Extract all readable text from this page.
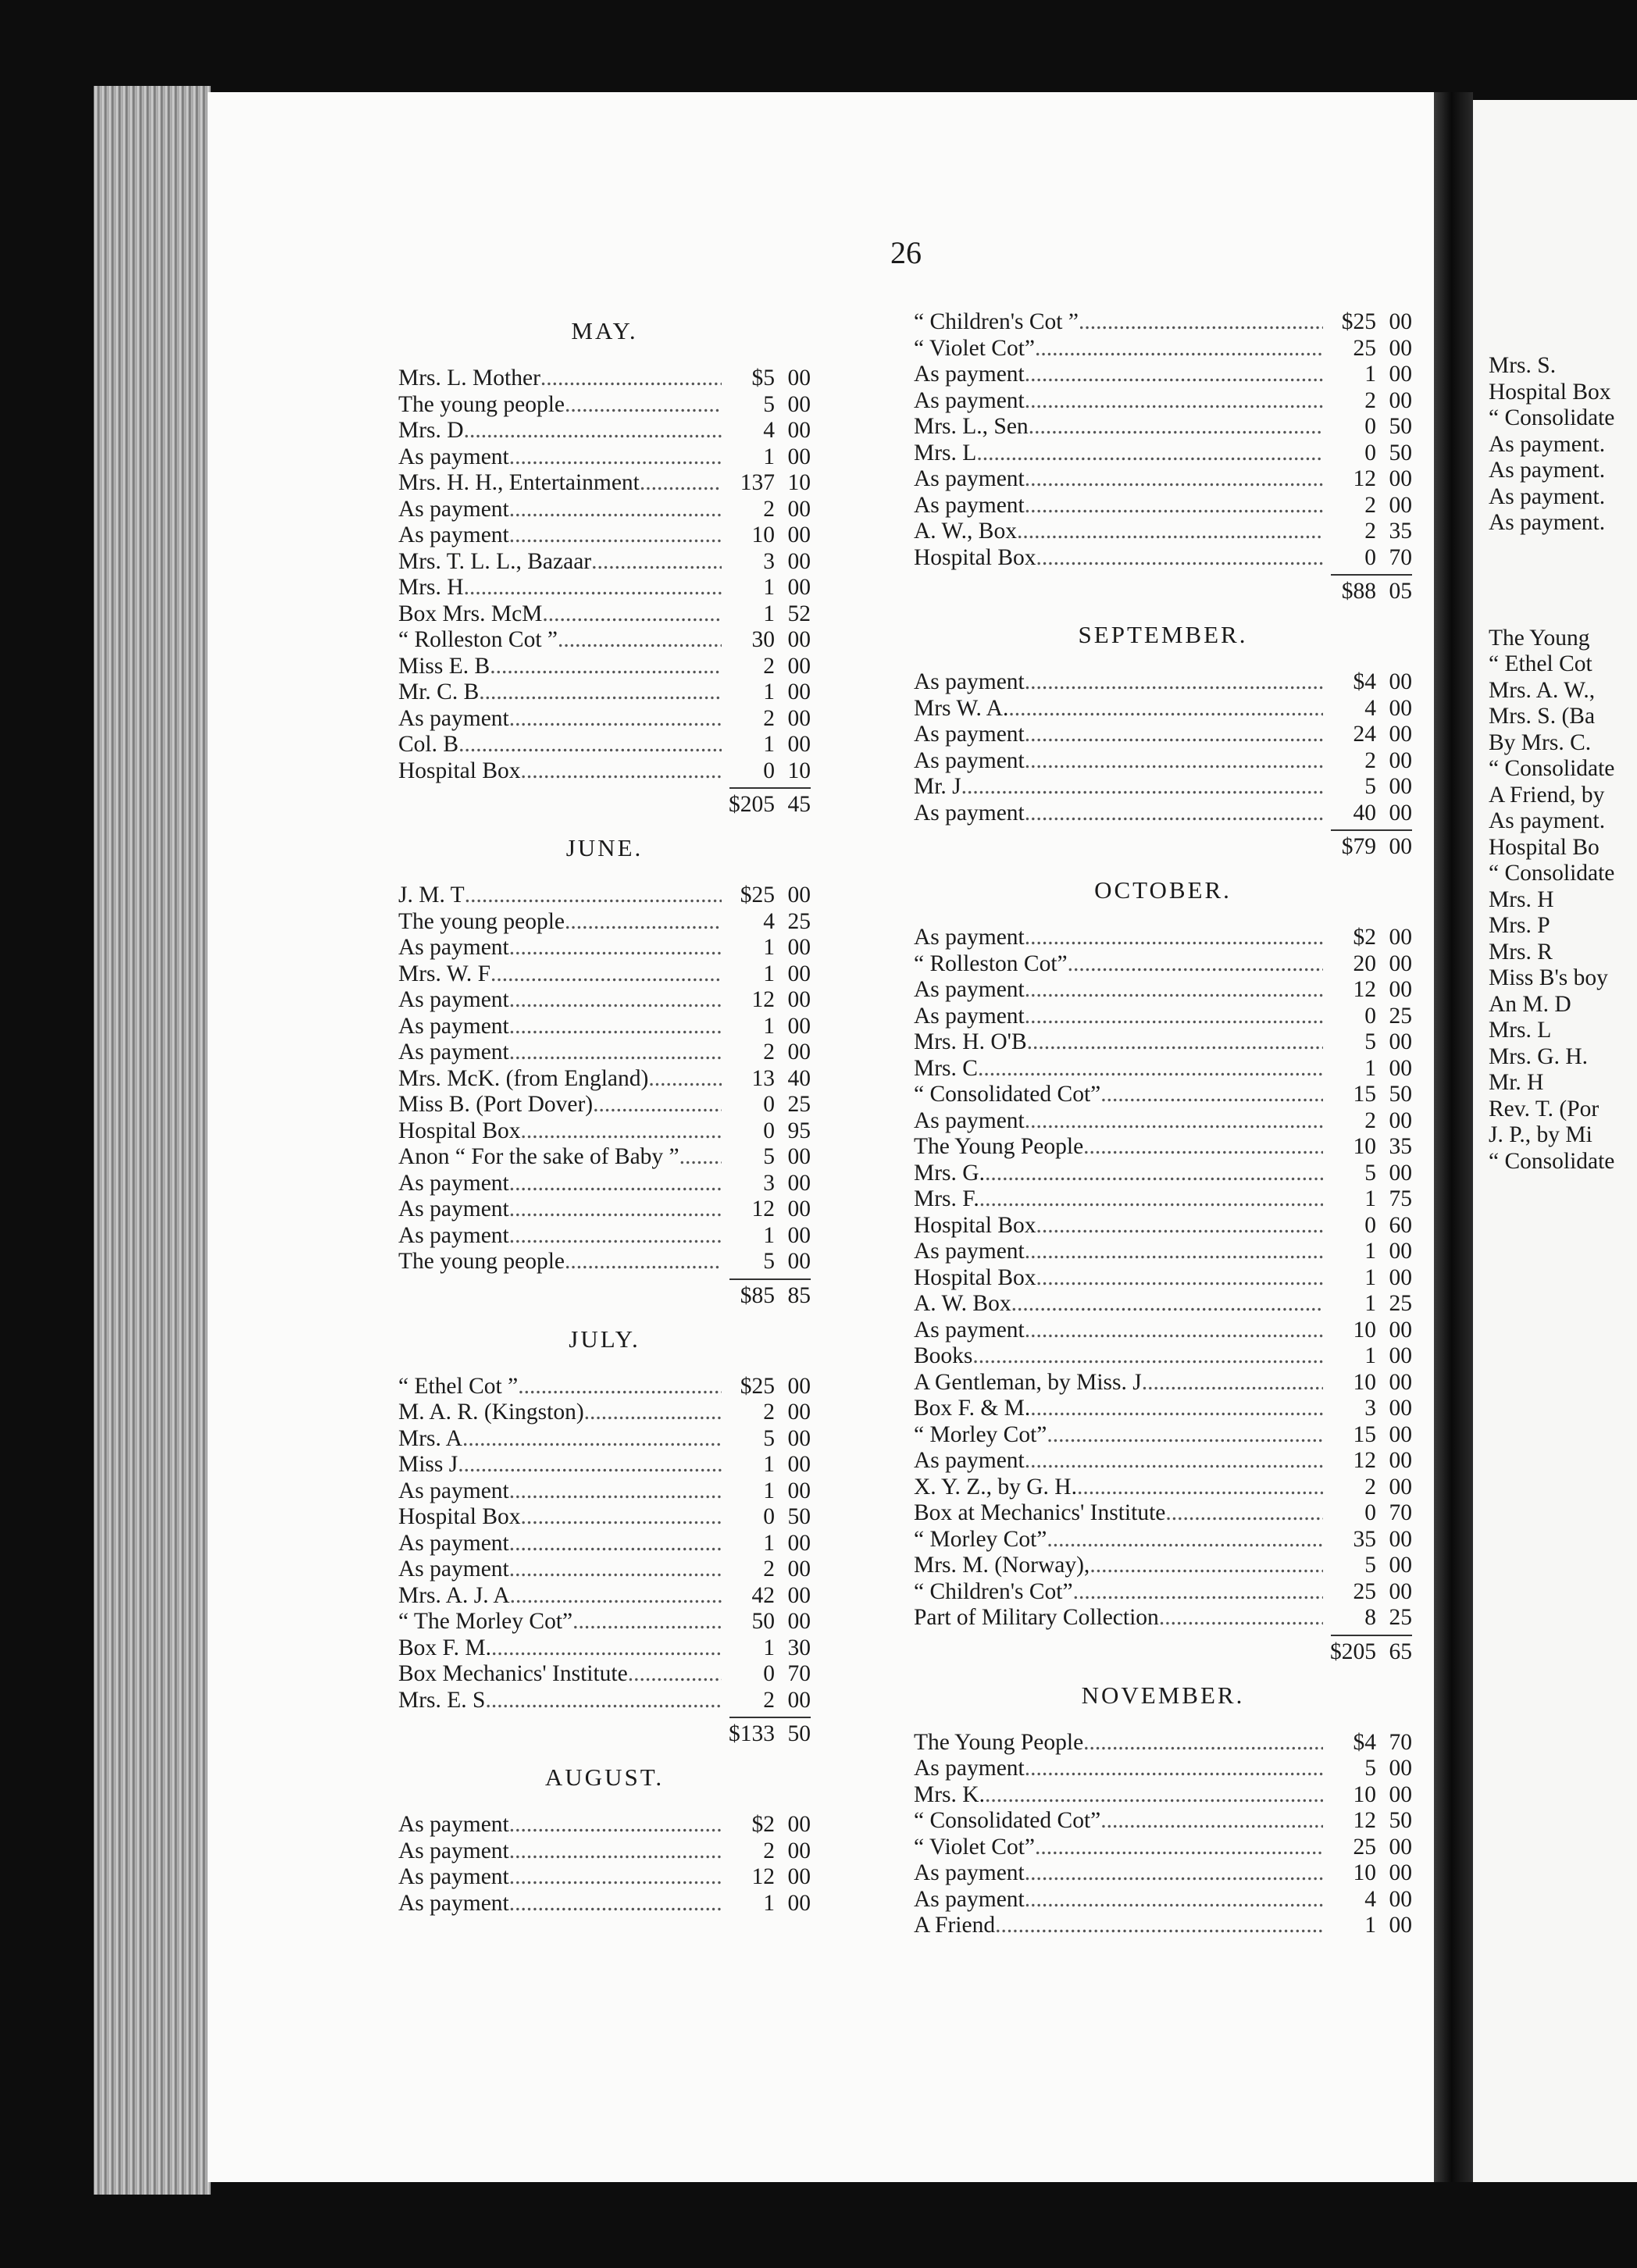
26
MAY.
Mrs. L. Mother .....	$5 00
The young people .....	5 00
Mrs. D .....	4 00
As payment .....	1 00
Mrs. H. H., Entertainment .....	137 10
As payment .....	2 00
As payment .....	10 00
Mrs. T. L. L., Bazaar .....	3 00
Mrs. H .....	1 00
Box Mrs. McM .....	1 52
“ Rolleston Cot ” .....	30 00
Miss E. B .....	2 00
Mr. C. B .....	1 00
As payment .....	2 00
Col. B .....	1 00
Hospital Box .....	0 10
$205 45
JUNE.
J. M. T .....	$25 00
The young people .....	4 25
As payment .....	1 00
Mrs. W. F .....	1 00
As payment .....	12 00
As payment .....	1 00
As payment .....	2 00
Mrs. McK. (from England) .....	13 40
Miss B. (Port Dover) .....	0 25
Hospital Box .....	0 95
Anon “ For the sake of Baby ” .....	5 00
As payment .....	3 00
As payment .....	12 00
As payment .....	1 00
The young people .....	5 00
$85 85
JULY.
“ Ethel Cot ” .....	$25 00
M. A. R. (Kingston) .....	2 00
Mrs. A .....	5 00
Miss J .....	1 00
As payment .....	1 00
Hospital Box .....	0 50
As payment .....	1 00
As payment .....	2 00
Mrs. A. J. A .....	42 00
“ The Morley Cot” .....	50 00
Box F. M. .....	1 30
Box Mechanics' Institute .....	0 70
Mrs. E. S .....	2 00
$133 50
AUGUST.
As payment .....	$2 00
As payment .....	2 00
As payment .....	12 00
As payment .....	1 00
“ Children's Cot ” .....	$25 00
“ Violet Cot” .....	25 00
As payment .....	1 00
As payment .....	2 00
Mrs. L., Sen .....	0 50
Mrs. L .....	0 50
As payment .....	12 00
As payment .....	2 00
A. W., Box .....	2 35
Hospital Box .....	0 70
$88 05
SEPTEMBER.
As payment .....	$4 00
Mrs W. A. .....	4 00
As payment .....	24 00
As payment .....	2 00
Mr. J .....	5 00
As payment .....	40 00
$79 00
OCTOBER.
As payment .....	$2 00
“ Rolleston Cot” .....	20 00
As payment .....	12 00
As payment .....	0 25
Mrs. H. O'B .....	5 00
Mrs. C .....	1 00
“ Consolidated Cot” .....	15 50
As payment .....	2 00
The Young People .....	10 35
Mrs. G. .....	5 00
Mrs. F. .....	1 75
Hospital Box .....	0 60
As payment .....	1 00
Hospital Box .....	1 00
A. W. Box .....	1 25
As payment .....	10 00
Books .....	1 00
A Gentleman, by Miss. J .....	10 00
Box F. & M. .....	3 00
“ Morley Cot” .....	15 00
As payment .....	12 00
X. Y. Z., by G. H. .....	2 00
Box at Mechanics' Institute .....	0 70
“ Morley Cot” .....	35 00
Mrs. M. (Norway), .....	5 00
“ Children's Cot” .....	25 00
Part of Military Collection .....	8 25
$205 65
NOVEMBER.
The Young People .....	$4 70
As payment .....	5 00
Mrs. K. .....	10 00
“ Consolidated Cot” .....	12 50
“ Violet Cot” .....	25 00
As payment .....	10 00
As payment .....	4 00
A Friend .....	1 00
Mrs. S.
Hospital Box
“ Consolidate
As payment.
As payment.
As payment.
As payment.
The Young
“ Ethel Cot
Mrs. A. W.,
Mrs. S. (Ba
By Mrs. C.
“ Consolidate
A Friend, by
As payment.
Hospital Bo
“ Consolidate
Mrs. H
Mrs. P
Mrs. R
Miss B's boy
An M. D
Mrs. L
Mrs. G. H.
Mr. H
Rev. T. (Por
J. P., by Mi
“ Consolidate
